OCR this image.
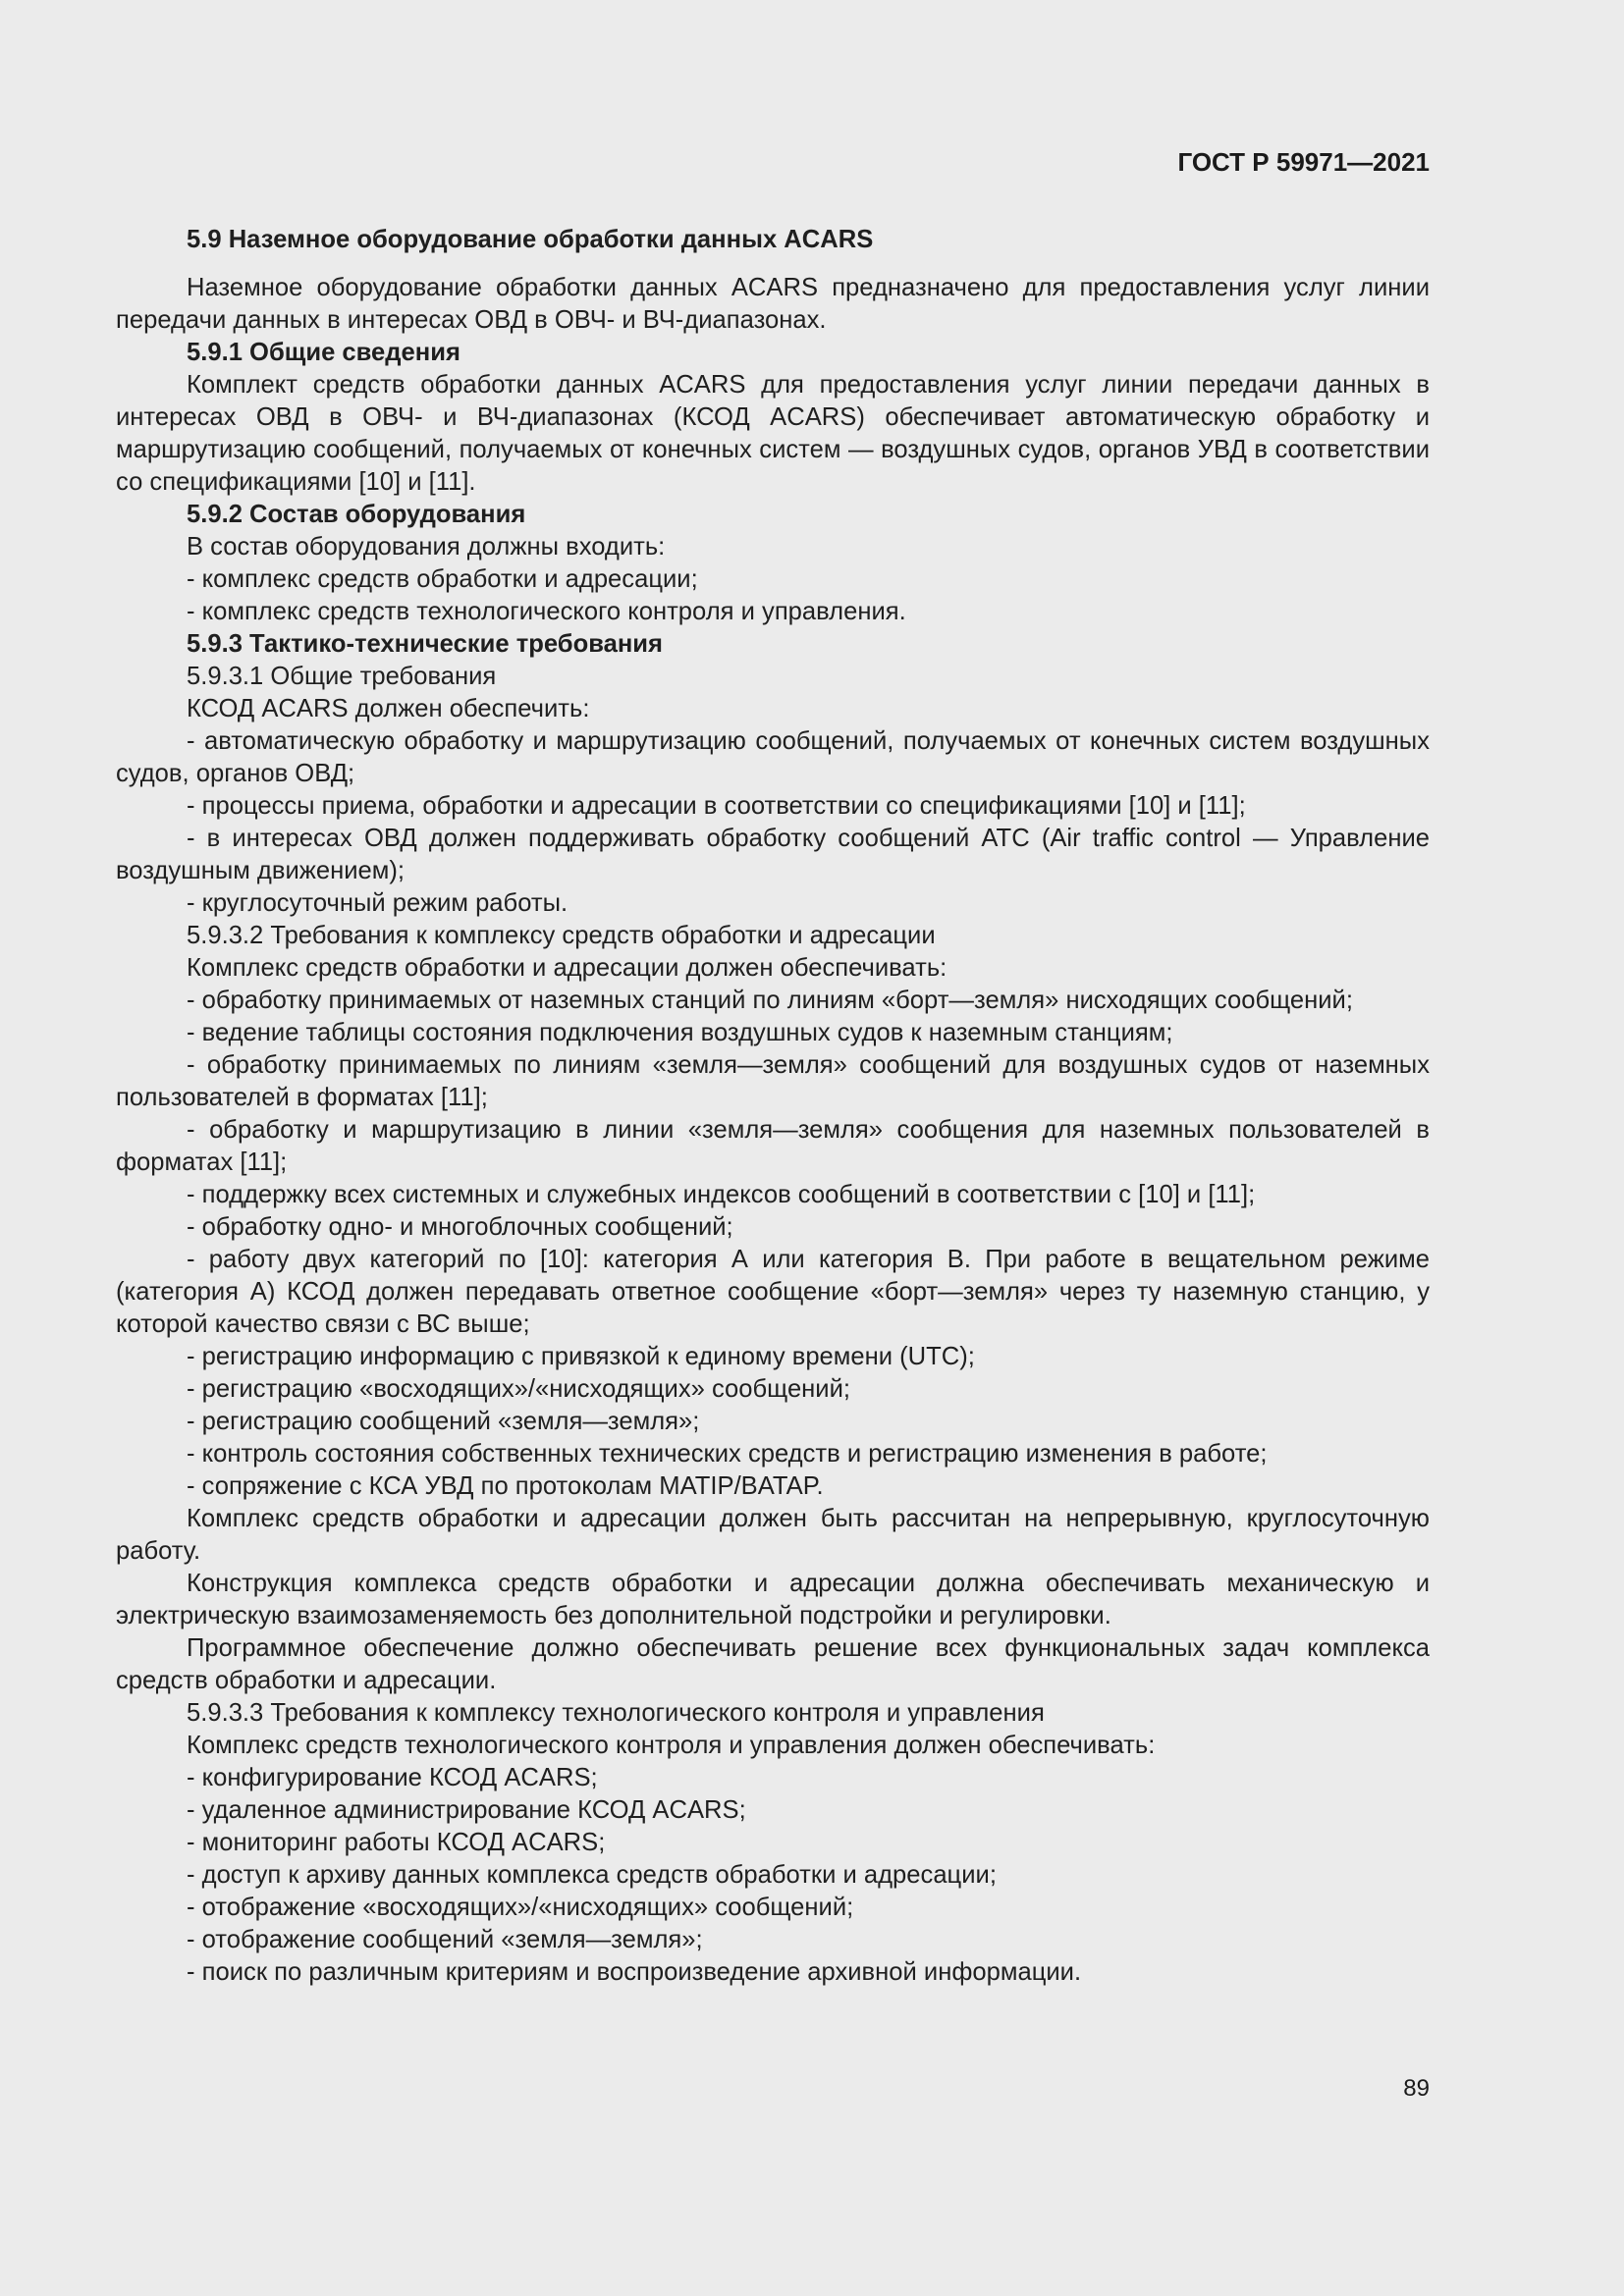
ГОСТ Р 59971—2021

5.9 Наземное оборудование обработки данных ACARS

Наземное оборудование обработки данных ACARS предназначено для предоставления услуг линии передачи данных в интересах ОВД в ОВЧ- и ВЧ-диапазонах.

5.9.1 Общие сведения

Комплект средств обработки данных ACARS для предоставления услуг линии передачи данных в интересах ОВД в ОВЧ- и ВЧ-диапазонах (КСОД ACARS) обеспечивает автоматическую обработку и маршрутизацию сообщений, получаемых от конечных систем — воздушных судов, органов УВД в соответствии со спецификациями [10] и [11].

5.9.2 Состав оборудования

В состав оборудования должны входить:

- комплекс средств обработки и адресации;

- комплекс средств технологического контроля и управления.

5.9.3 Тактико-технические требования

5.9.3.1 Общие требования

КСОД ACARS должен обеспечить:

- автоматическую обработку и маршрутизацию сообщений, получаемых от конечных систем воздушных судов, органов ОВД;

- процессы приема, обработки и адресации в соответствии со спецификациями [10] и [11];

- в интересах ОВД должен поддерживать обработку сообщений ATC (Air traffic control — Управление воздушным движением);

- круглосуточный режим работы.

5.9.3.2 Требования к комплексу средств обработки и адресации

Комплекс средств обработки и адресации должен обеспечивать:

- обработку принимаемых от наземных станций по линиям «борт—земля» нисходящих сообщений;

- ведение таблицы состояния подключения воздушных судов к наземным станциям;

- обработку принимаемых по линиям «земля—земля» сообщений для воздушных судов от наземных пользователей в форматах [11];

- обработку и маршрутизацию в линии «земля—земля» сообщения для наземных пользователей в форматах [11];

- поддержку всех системных и служебных индексов сообщений в соответствии с [10] и [11];

- обработку одно- и многоблочных сообщений;

- работу двух категорий по [10]: категория А или категория В. При работе в вещательном режиме (категория А) КСОД должен передавать ответное сообщение «борт—земля» через ту наземную станцию, у которой качество связи с ВС выше;

- регистрацию информацию с привязкой к единому времени (UTC);

- регистрацию «восходящих»/«нисходящих» сообщений;

- регистрацию сообщений «земля—земля»;

- контроль состояния собственных технических средств и регистрацию изменения в работе;

- сопряжение с КСА УВД по протоколам MATIP/BATAP.

Комплекс средств обработки и адресации должен быть рассчитан на непрерывную, круглосуточную работу.

Конструкция комплекса средств обработки и адресации должна обеспечивать механическую и электрическую взаимозаменяемость без дополнительной подстройки и регулировки.

Программное обеспечение должно обеспечивать решение всех функциональных задач комплекса средств обработки и адресации.

5.9.3.3 Требования к комплексу технологического контроля и управления

Комплекс средств технологического контроля и управления должен обеспечивать:

- конфигурирование КСОД ACARS;

- удаленное администрирование КСОД ACARS;

- мониторинг работы КСОД ACARS;

- доступ к архиву данных комплекса средств обработки и адресации;

- отображение «восходящих»/«нисходящих» сообщений;

- отображение сообщений «земля—земля»;

- поиск по различным критериям и воспроизведение архивной информации.

89
